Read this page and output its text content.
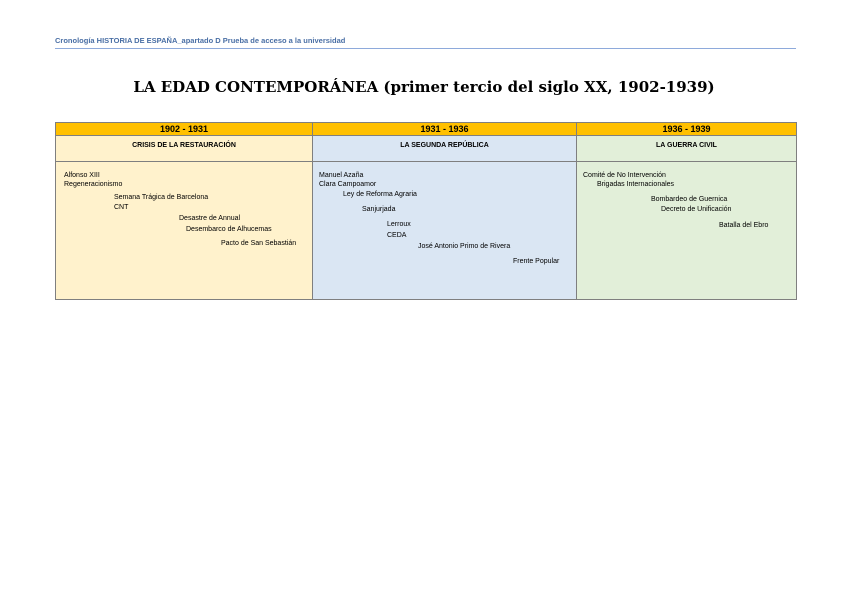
Cronología HISTORIA DE ESPAÑA_apartado D Prueba de acceso a la universidad
LA EDAD CONTEMPORÁNEA (primer tercio del siglo XX, 1902-1939)
1902 - 1931
CRISIS DE LA RESTAURACIÓN
Alfonso XIII
Regeneracionismo
Semana Trágica de Barcelona
CNT
Desastre de Annual
Desembarco de Alhucemas
Pacto de San Sebastián
1931 - 1936
LA SEGUNDA REPÚBLICA
Manuel Azaña
Clara Campoamor
Ley de Reforma Agraria
Sanjurjada
Lerroux
CEDA
José Antonio Primo de Rivera
Frente Popular
1936 - 1939
LA GUERRA CIVIL
Comité de No Intervención
Brigadas Internacionales
Bombardeo de Guernica
Decreto de Unificación
Batalla del Ebro
